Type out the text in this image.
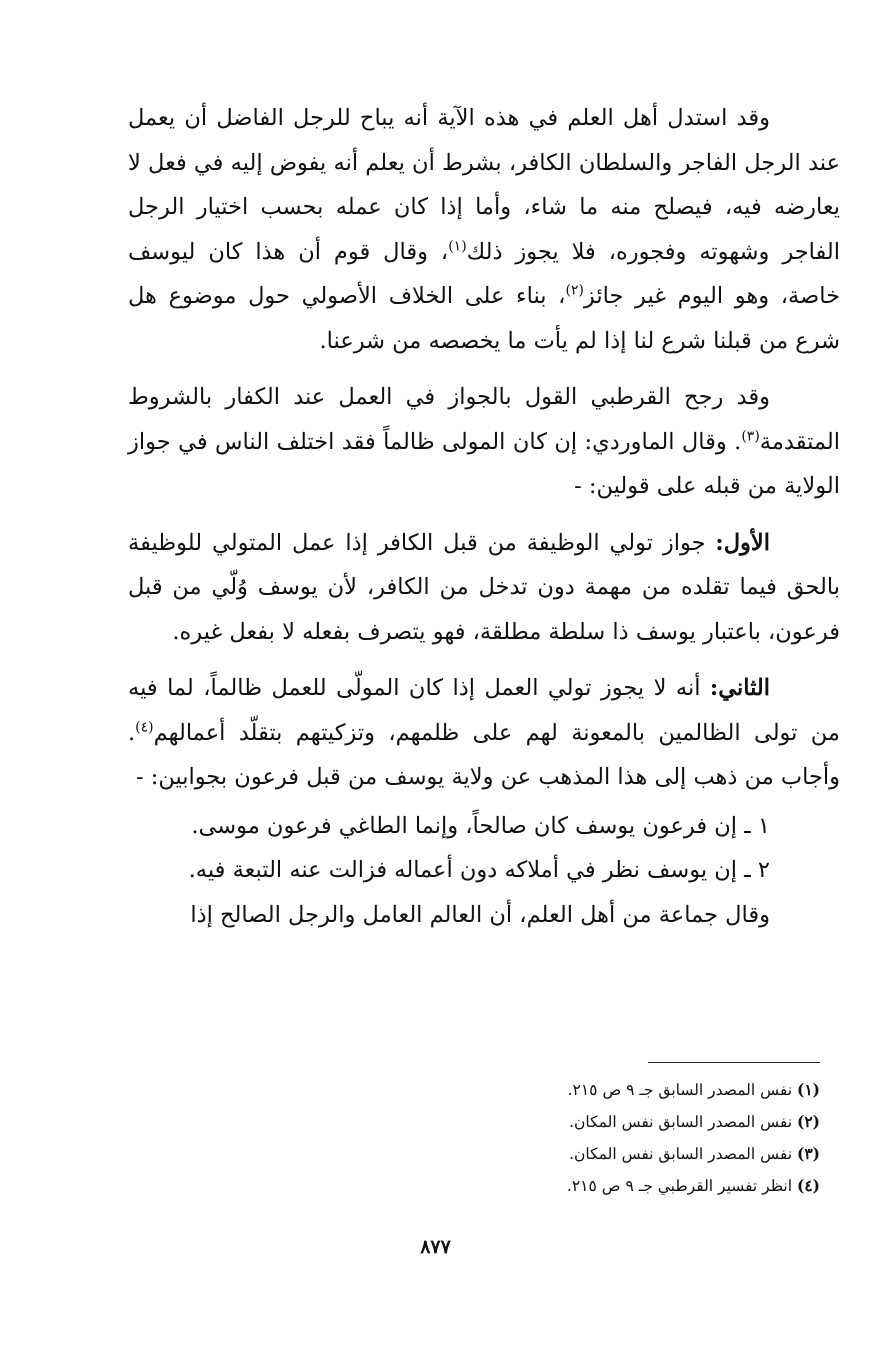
وقد استدل أهل العلم في هذه الآية أنه يباح للرجل الفاضل أن يعمل عند الرجل الفاجر والسلطان الكافر، بشرط أن يعلم أنه يفوض إليه في فعل لا يعارضه فيه، فيصلح منه ما شاء، وأما إذا كان عمله بحسب اختيار الرجل الفاجر وشهوته وفجوره، فلا يجوز ذلك$^{(١)}$، وقال قوم أن هذا كان ليوسف خاصة، وهو اليوم غير جائز$^{(٢)}$، بناء على الخلاف الأصولي حول موضوع هل شرع من قبلنا شرع لنا إذا لم يأت ما يخصصه من شرعنا.

وقد رجح القرطبي القول بالجواز في العمل عند الكفار بالشروط المتقدمة$^{(٣)}$. وقال الماوردي: إن كان المولى ظالماً فقد اختلف الناس في جواز الولاية من قبله على قولين: -

الأول: جواز تولي الوظيفة من قبل الكافر إذا عمل المتولي للوظيفة بالحق فيما تقلده من مهمة دون تدخل من الكافر، لأن يوسف وُلّي من قبل فرعون، باعتبار يوسف ذا سلطة مطلقة، فهو يتصرف بفعله لا بفعل غيره.

الثاني: أنه لا يجوز تولي العمل إذا كان المولّى للعمل ظالماً، لما فيه من تولى الظالمين بالمعونة لهم على ظلمهم، وتزكيتهم بتقلّد أعمالهم$^{(٤)}$. وأجاب من ذهب إلى هذا المذهب عن ولاية يوسف من قبل فرعون بجوابين: -

١ ـ إن فرعون يوسف كان صالحاً، وإنما الطاغي فرعون موسى.

٢ ـ إن يوسف نظر في أملاكه دون أعماله فزالت عنه التبعة فيه.

وقال جماعة من أهل العلم، أن العالم العامل والرجل الصالح إذا

(١) نفس المصدر السابق جـ ٩ ص ٢١٥.

(٢) نفس المصدر السابق نفس المكان.

(٣) نفس المصدر السابق نفس المكان.

(٤) انظر تفسير القرطبي جـ ٩ ص ٢١٥.

٨٧٧
